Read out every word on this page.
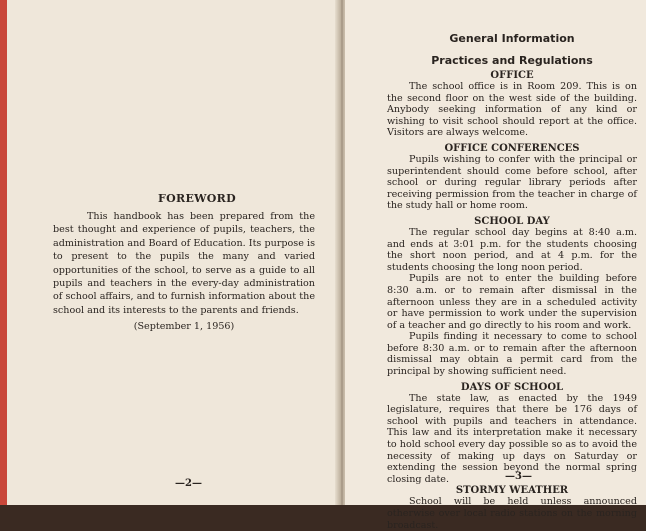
FOREWORD

This handbook has been prepared from the best thought and experience of pupils, teachers, the administration and Board of Education. Its purpose is to present to the pupils the many and varied opportunities of the school, to serve as a guide to all pupils and teachers in the every-day administration of school affairs, and to furnish information about the school and its interests to the parents and friends.

(September 1, 1956)
—2—
General Information
Practices and Regulations
OFFICE

The school office is in Room 209. This is on the second floor on the west side of the building. Anybody seeking information of any kind or wishing to visit school should report at the office. Visitors are always welcome.

OFFICE CONFERENCES

Pupils wishing to confer with the principal or superintendent should come before school, after school or during regular library periods after receiving permission from the teacher in charge of the study hall or home room.

SCHOOL DAY

The regular school day begins at 8:40 a.m. and ends at 3:01 p.m. for the students choosing the short noon period, and at 4 p.m. for the students choosing the long noon period.

Pupils are not to enter the building before 8:30 a.m. or to remain after dismissal in the afternoon unless they are in a scheduled activity or have permission to work under the supervision of a teacher and go directly to his room and work.

Pupils finding it necessary to come to school before 8:30 a.m. or to remain after the afternoon dismissal may obtain a permit card from the principal by showing sufficient need.

DAYS OF SCHOOL

The state law, as enacted by the 1949 legislature, requires that there be 176 days of school with pupils and teachers in attendance. This law and its interpretation make it necessary to hold school every day possible so as to avoid the necessity of making up days on Saturday or extending the session beyond the normal spring closing date.

STORMY WEATHER

School will be held unless announced otherwise over local radio stations on the morning broadcast.

—3—
